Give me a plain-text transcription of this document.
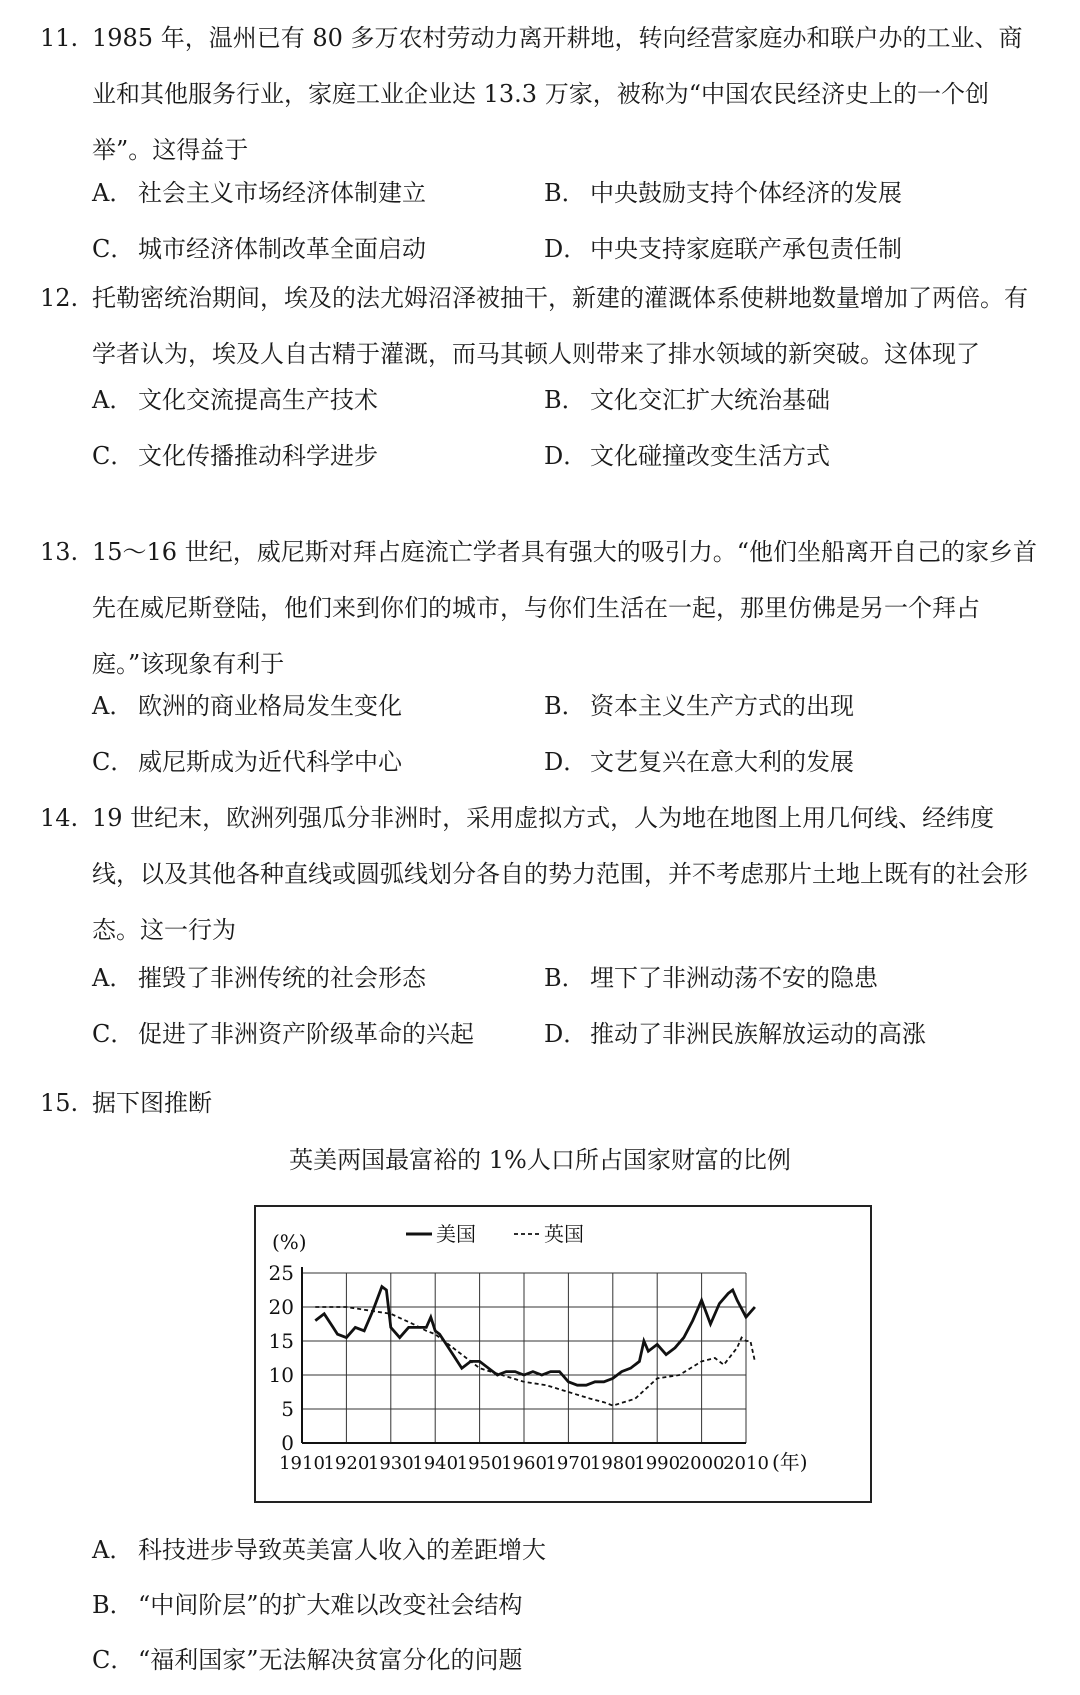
11. 1985 年，温州已有 80 多万农村劳动力离开耕地，转向经营家庭办和联户办的工业、商业和其他服务行业，家庭工业企业达 13.3 万家，被称为“中国农民经济史上的一个创举”。这得益于
A． 社会主义市场经济体制建立	B． 中央鼓励支持个体经济的发展
C． 城市经济体制改革全面启动	D． 中央支持家庭联产承包责任制
12. 托勒密统治期间，埃及的法尤姆沼泽被抽干，新建的灌溉体系使耕地数量增加了两倍。有学者认为，埃及人自古精于灌溉，而马其顿人则带来了排水领域的新突破。这体现了
A． 文化交流提高生产技术	B． 文化交汇扩大统治基础
C． 文化传播推动科学进步	D． 文化碰撞改变生活方式
13. 15～16 世纪，威尼斯对拜占庭流亡学者具有强大的吸引力。“他们坐船离开自己的家乡首先在威尼斯登陆，他们来到你们的城市，与你们生活在一起，那里仿佛是另一个拜占庭。”该现象有利于
A． 欧洲的商业格局发生变化	B． 资本主义生产方式的出现
C． 威尼斯成为近代科学中心	D． 文艺复兴在意大利的发展
14. 19 世纪末，欧洲列强瓜分非洲时，采用虚拟方式，人为地在地图上用几何线、经纬度线，以及其他各种直线或圆弧线划分各自的势力范围，并不考虑那片土地上既有的社会形态。这一行为
A． 摧毁了非洲传统的社会形态	B． 埋下了非洲动荡不安的隐患
C． 促进了非洲资产阶级革命的兴起	D． 推动了非洲民族解放运动的高涨
15. 据下图推断
英美两国最富裕的 1%人口所占国家财富的比例
0
5
10
15
20
25
1910
1920
1930
1940
1950
1960
1970
1980
1990
2000
2010
(%)
(年)
美国	英国
A． 科技进步导致英美富人收入的差距增大
B． “中间阶层”的扩大难以改变社会结构
C． “福利国家”无法解决贫富分化的问题
